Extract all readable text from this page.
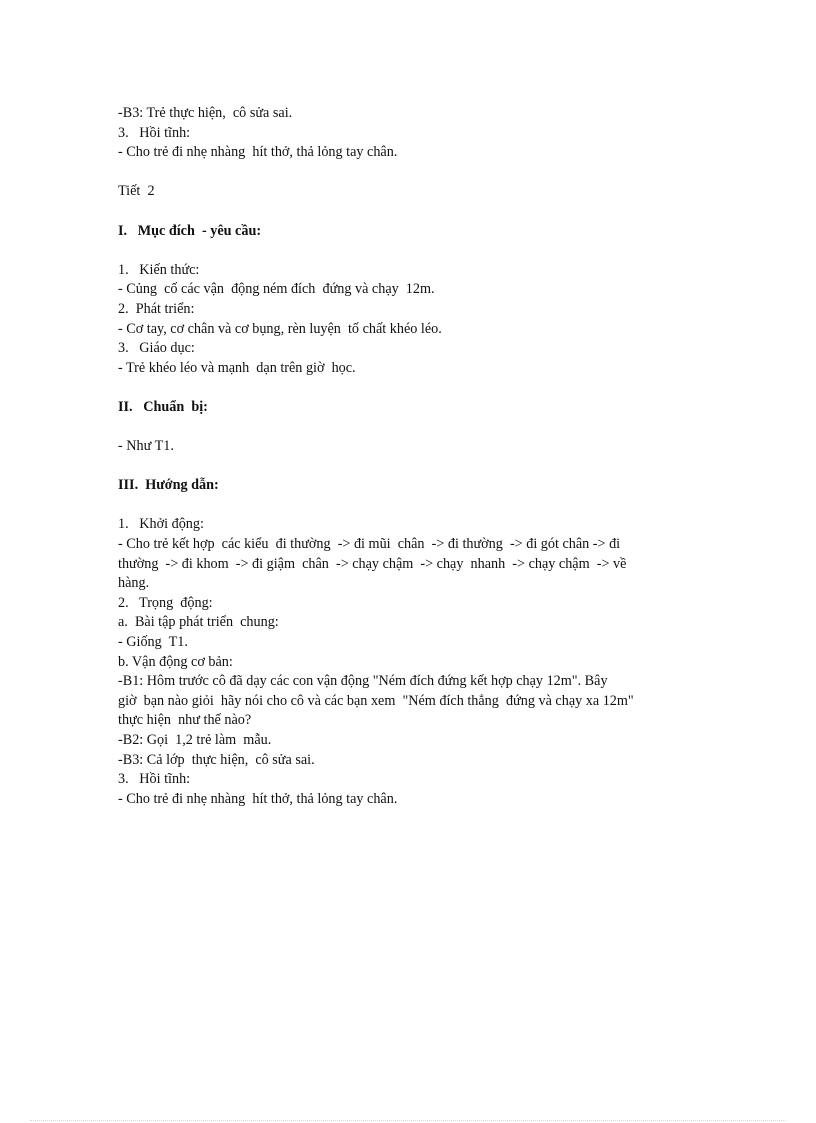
-B3: Trẻ thực hiện,  cô sửa sai.

3.   Hồi tĩnh:

- Cho trẻ đi nhẹ nhàng  hít thở, thả lỏng tay chân.

Tiết  2

I.   Mục đích  - yêu cầu:

1.   Kiến thức:

- Củng  cố các vận  động ném đích  đứng và chạy  12m.

2.  Phát triển:

- Cơ tay, cơ chân và cơ bụng, rèn luyện  tố chất khéo léo.

3.   Giáo dục:

- Trẻ khéo léo và mạnh  dạn trên giờ  học.

II.   Chuẩn  bị:

- Như T1.

III.  Hướng dẫn:

1.   Khởi động:

- Cho trẻ kết hợp  các kiểu  đi thường  -> đi mũi  chân  -> đi thường  -> đi gót chân -> đi

thường  -> đi khom  -> đi giậm  chân  -> chạy chậm  -> chạy  nhanh  -> chạy chậm  -> về

hàng.

2.   Trọng  động:

a.  Bài tập phát triển  chung:

- Giống  T1.

b. Vận động cơ bản:

-B1: Hôm trước cô đã dạy các con vận động "Ném đích đứng kết hợp chạy 12m". Bây

giờ  bạn nào giỏi  hãy nói cho cô và các bạn xem  "Ném đích thẳng  đứng và chạy xa 12m"

thực hiện  như thế nào?

-B2: Gọi  1,2 trẻ làm  mẫu.

-B3: Cả lớp  thực hiện,  cô sửa sai.

3.   Hồi tĩnh:

- Cho trẻ đi nhẹ nhàng  hít thở, thả lỏng tay chân.
